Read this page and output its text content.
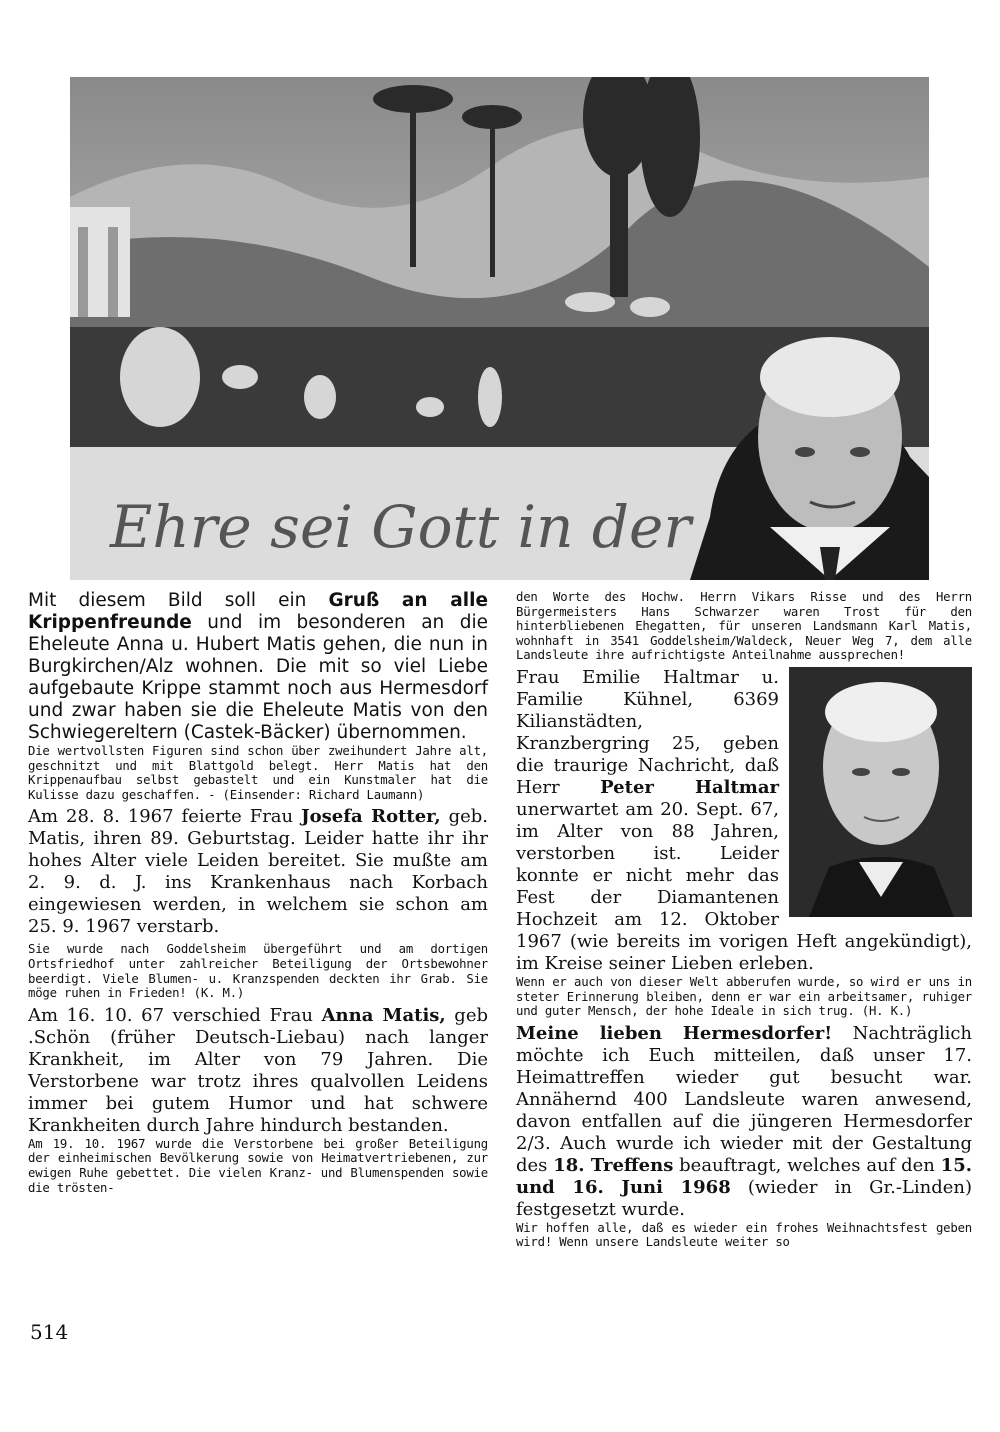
Ehre sei Gott in der

Mit diesem Bild soll ein Gruß an alle Krippenfreunde und im besonderen an die Eheleute Anna u. Hubert Matis gehen, die nun in Burgkirchen/Alz wohnen. Die mit so viel Liebe aufgebaute Krippe stammt noch aus Hermesdorf und zwar haben sie die Eheleute Matis von den Schwiegereltern (Castek-Bäcker) übernommen.

Die wertvollsten Figuren sind schon über zweihundert Jahre alt, geschnitzt und mit Blattgold belegt. Herr Matis hat den Krippenaufbau selbst gebastelt und ein Kunstmaler hat die Kulisse dazu geschaffen. - (Einsender: Richard Laumann)

Am 28. 8. 1967 feierte Frau Josefa Rotter, geb. Matis, ihren 89. Geburtstag. Leider hatte ihr ihr hohes Alter viele Leiden bereitet. Sie mußte am 2. 9. d. J. ins Krankenhaus nach Korbach eingewiesen werden, in welchem sie schon am 25. 9. 1967 verstarb.

Sie wurde nach Goddelsheim übergeführt und am dortigen Ortsfriedhof unter zahlreicher Beteiligung der Ortsbewohner beerdigt. Viele Blumen- u. Kranzspenden deckten ihr Grab. Sie möge ruhen in Frieden! (K. M.)

Am 16. 10. 67 verschied Frau Anna Matis, geb .Schön (früher Deutsch-Liebau) nach langer Krankheit, im Alter von 79 Jahren. Die Verstorbene war trotz ihres qualvollen Leidens immer bei gutem Humor und hat schwere Krankheiten durch Jahre hindurch bestanden.

Am 19. 10. 1967 wurde die Verstorbene bei großer Beteiligung der einheimischen Bevölkerung sowie von Heimatvertriebenen, zur ewigen Ruhe gebettet. Die vielen Kranz- und Blumenspenden sowie die trösten-

den Worte des Hochw. Herrn Vikars Risse und des Herrn Bürgermeisters Hans Schwarzer waren Trost für den hinterbliebenen Ehegatten, für unseren Landsmann Karl Matis, wohnhaft in 3541 Goddelsheim/Waldeck, Neuer Weg 7, dem alle Landsleute ihre aufrichtigste Anteilnahme aussprechen!

Frau Emilie Haltmar u. Familie Kühnel, 6369 Kilianstädten, Kranzbergring 25, geben die traurige Nachricht, daß Herr Peter Haltmar unerwartet am 20. Sept. 67, im Alter von 88 Jahren, verstorben ist. Leider konnte er nicht mehr das Fest der Diamantenen Hochzeit am 12. Oktober 1967 (wie bereits im vorigen Heft angekündigt), im Kreise seiner Lieben erleben.

Wenn er auch von dieser Welt abberufen wurde, so wird er uns in steter Erinnerung bleiben, denn er war ein arbeitsamer, ruhiger und guter Mensch, der hohe Ideale in sich trug. (H. K.)

Meine lieben Hermesdorfer! Nachträglich möchte ich Euch mitteilen, daß unser 17. Heimattreffen wieder gut besucht war. Annähernd 400 Landsleute waren anwesend, davon entfallen auf die jüngeren Hermesdorfer 2/3. Auch wurde ich wieder mit der Gestaltung des 18. Treffens beauftragt, welches auf den 15. und 16. Juni 1968 (wieder in Gr.-Linden) festgesetzt wurde.

Wir hoffen alle, daß es wieder ein frohes Weihnachtsfest geben wird! Wenn unsere Landsleute weiter so

514
